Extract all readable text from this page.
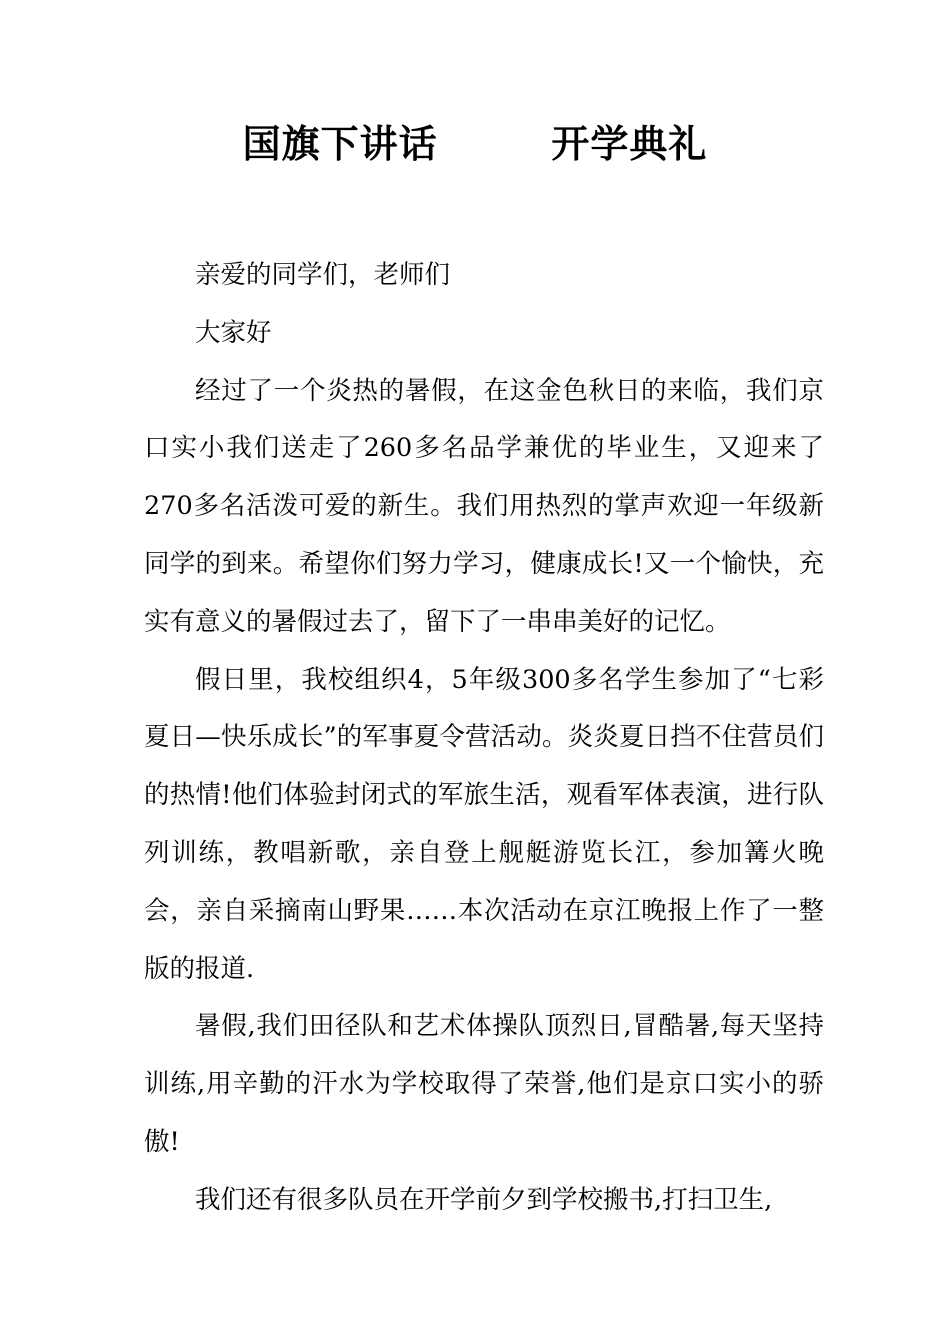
国旗下讲话        开学典礼

亲爱的同学们，老师们

大家好

经过了一个炎热的暑假，在这金色秋日的来临，我们京口实小我们送走了260多名品学兼优的毕业生，又迎来了270多名活泼可爱的新生。我们用热烈的掌声欢迎一年级新同学的到来。希望你们努力学习，健康成长!又一个愉快，充实有意义的暑假过去了，留下了一串串美好的记忆。

假日里，我校组织4，5年级300多名学生参加了“七彩夏日—快乐成长”的军事夏令营活动。炎炎夏日挡不住营员们的热情!他们体验封闭式的军旅生活，观看军体表演，进行队列训练，教唱新歌，亲自登上舰艇游览长江，参加篝火晚会，亲自采摘南山野果……本次活动在京江晚报上作了一整版的报道.

暑假,我们田径队和艺术体操队顶烈日,冒酷暑,每天坚持训练,用辛勤的汗水为学校取得了荣誉,他们是京口实小的骄傲!

我们还有很多队员在开学前夕到学校搬书,打扫卫生,
